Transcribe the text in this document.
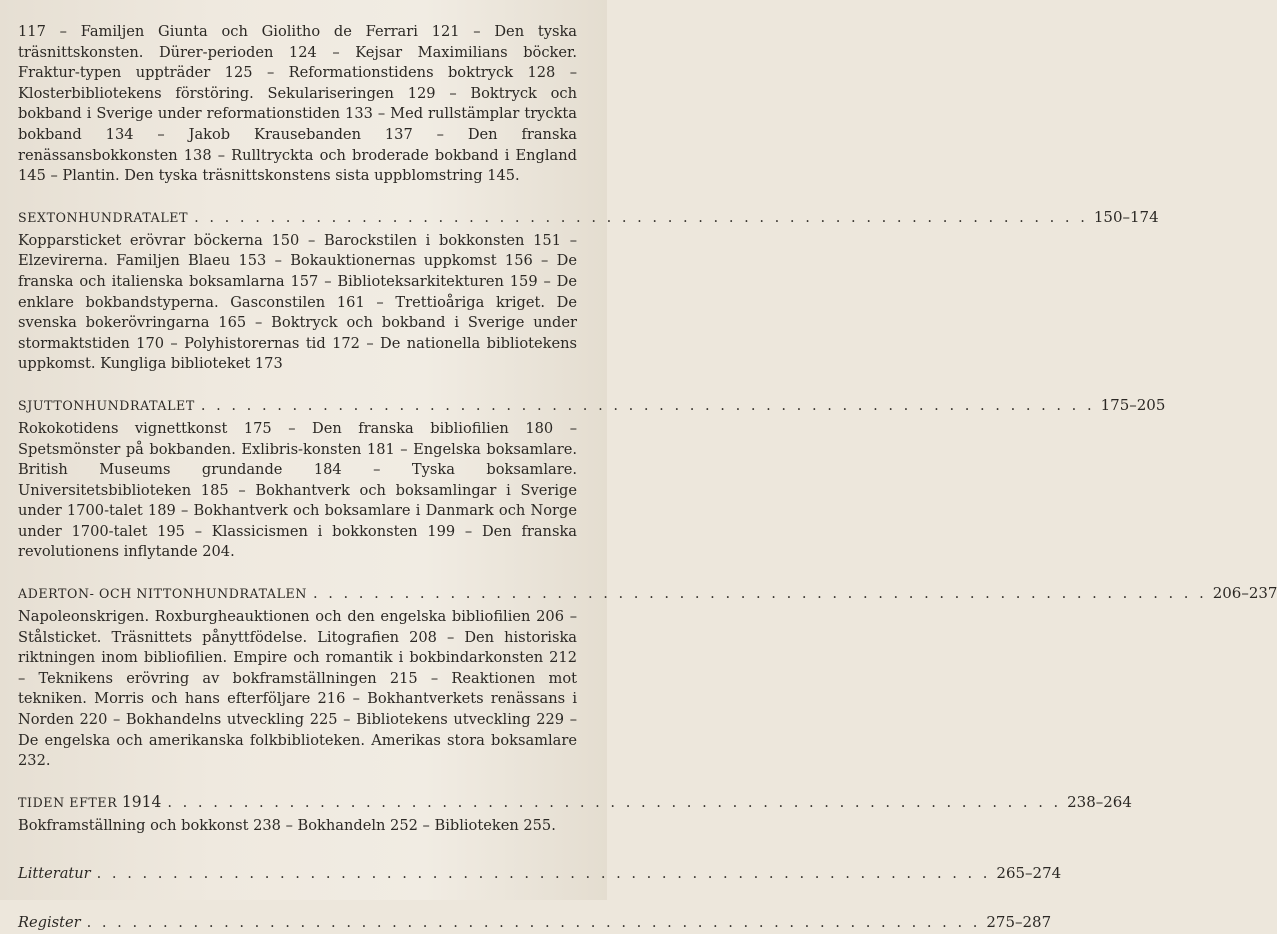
117 – Familjen Giunta och Giolitho de Ferrari 121 – Den tyska träsnittskonsten. Dürer-perioden 124 – Kejsar Maximilians böcker. Fraktur-typen uppträder 125 – Reformationstidens boktryck 128 – Klosterbibliotekens förstöring. Sekulariseringen 129 – Boktryck och bokband i Sverige under reformationstiden 133 – Med rullstämplar tryckta bokband 134 – Jakob Krausebanden 137 – Den franska renässansbokkonsten 138 – Rulltryckta och broderade bokband i England 145 – Plantin. Den tyska träsnittskonstens sista uppblomstring 145.

SEXTONHUNDRATALET . . . . . . . . . . . . . . . . . . . . . . . . . . . . . . . . . . . . . . . . . . . . . . . . . . . . . . . . . . . 150–174

Kopparsticket erövrar böckerna 150 – Barockstilen i bokkonsten 151 – Elzevirerna. Familjen Blaeu 153 – Bokauktionernas uppkomst 156 – De franska och italienska boksamlarna 157 – Biblioteksarkitekturen 159 – De enklare bokbandstyperna. Gasconstilen 161 – Trettioåriga kriget. De svenska bokerövringarna 165 – Boktryck och bokband i Sverige under stormaktstiden 170 – Polyhistorernas tid 172 – De nationella bibliotekens uppkomst. Kungliga biblioteket 173

SJUTTONHUNDRATALET . . . . . . . . . . . . . . . . . . . . . . . . . . . . . . . . . . . . . . . . . . . . . . . . . . . . . . . . . . . 175–205

Rokokotidens vignettkonst 175 – Den franska bibliofilien 180 – Spetsmönster på bokbanden. Exlibris-konsten 181 – Engelska boksamlare. British Museums grundande 184 – Tyska boksamlare. Universitetsbiblioteken 185 – Bokhantverk och boksamlingar i Sverige under 1700-talet 189 – Bokhantverk och boksamlare i Danmark och Norge under 1700-talet 195 – Klassicismen i bokkonsten 199 – Den franska revolutionens inflytande 204.

ADERTON- OCH NITTONHUNDRATALEN . . . . . . . . . . . . . . . . . . . . . . . . . . . . . . . . . . . . . . . . . . . . . . . . . . . . . . . . . . . 206–237

Napoleonskrigen. Roxburgheauktionen och den engelska bibliofilien 206 – Stålsticket. Träsnittets pånyttfödelse. Litografien 208 – Den historiska riktningen inom bibliofilien. Empire och romantik i bokbindarkonsten 212 – Teknikens erövring av bokframställningen 215 – Reaktionen mot tekniken. Morris och hans efterföljare 216 – Bokhantverkets renässans i Norden 220 – Bokhandelns utveckling 225 – Bibliotekens utveckling 229 – De engelska och amerikanska folkbiblioteken. Amerikas stora boksamlare 232.

TIDEN EFTER 1914 . . . . . . . . . . . . . . . . . . . . . . . . . . . . . . . . . . . . . . . . . . . . . . . . . . . . . . . . . . . 238–264

Bokframställning och bokkonst 238 – Bokhandeln 252 – Biblioteken 255.

Litteratur . . . . . . . . . . . . . . . . . . . . . . . . . . . . . . . . . . . . . . . . . . . . . . . . . . . . . . . . . . . 265–274
Register . . . . . . . . . . . . . . . . . . . . . . . . . . . . . . . . . . . . . . . . . . . . . . . . . . . . . . . . . . . 275–287
